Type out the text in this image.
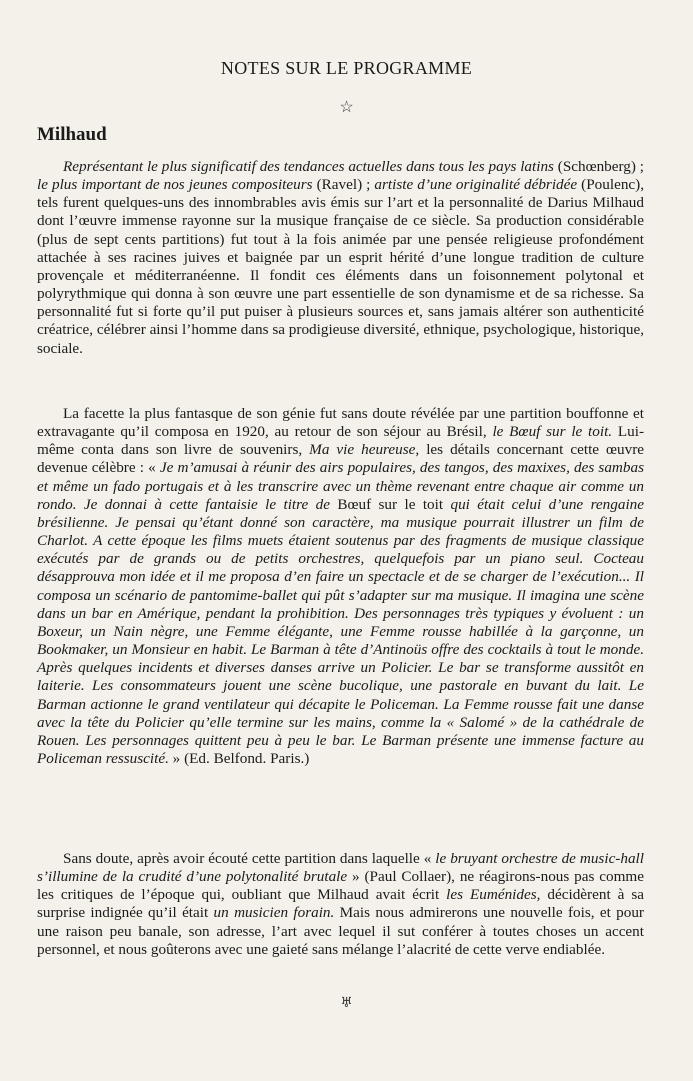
NOTES SUR LE PROGRAMME
☆
Milhaud
Représentant le plus significatif des tendances actuelles dans tous les pays latins (Schœnberg) ; le plus important de nos jeunes compositeurs (Ravel) ; artiste d’une originalité débridée (Poulenc), tels furent quelques-uns des innombrables avis émis sur l’art et la personnalité de Darius Milhaud dont l’œuvre immense rayonne sur la musique française de ce siècle. Sa production considérable (plus de sept cents partitions) fut tout à la fois animée par une pensée religieuse profondément attachée à ses racines juives et baignée par un esprit hérité d’une longue tradition de culture provençale et méditerranéenne. Il fondit ces éléments dans un foisonnement polytonal et polyrythmique qui donna à son œuvre une part essentielle de son dynamisme et de sa richesse. Sa personnalité fut si forte qu’il put puiser à plusieurs sources et, sans jamais altérer son authenticité créatrice, célébrer ainsi l’homme dans sa prodigieuse diversité, ethnique, psychologique, historique, sociale.
La facette la plus fantasque de son génie fut sans doute révélée par une partition bouffonne et extravagante qu’il composa en 1920, au retour de son séjour au Brésil, le Bœuf sur le toit. Lui-même conta dans son livre de souvenirs, Ma vie heureuse, les détails concernant cette œuvre devenue célèbre : « Je m’amusai à réunir des airs populaires, des tangos, des maxixes, des sambas et même un fado portugais et à les transcrire avec un thème revenant entre chaque air comme un rondo. Je donnai à cette fantaisie le titre de Bœuf sur le toit qui était celui d’une rengaine brésilienne. Je pensai qu’étant donné son caractère, ma musique pourrait illustrer un film de Charlot. A cette époque les films muets étaient soutenus par des fragments de musique classique exécutés par de grands ou de petits orchestres, quelquefois par un piano seul. Cocteau désapprouva mon idée et il me proposa d’en faire un spectacle et de se charger de l’exécution... Il composa un scénario de pantomime-ballet qui pût s’adapter sur ma musique. Il imagina une scène dans un bar en Amérique, pendant la prohibition. Des personnages très typiques y évoluent : un Boxeur, un Nain nègre, une Femme élégante, une Femme rousse habillée à la garçonne, un Bookmaker, un Monsieur en habit. Le Barman à tête d’Antinoüs offre des cocktails à tout le monde. Après quelques incidents et diverses danses arrive un Policier. Le bar se transforme aussitôt en laiterie. Les consommateurs jouent une scène bucolique, une pastorale en buvant du lait. Le Barman actionne le grand ventilateur qui décapite le Policeman. La Femme rousse fait une danse avec la tête du Policier qu’elle termine sur les mains, comme la « Salomé » de la cathédrale de Rouen. Les personnages quittent peu à peu le bar. Le Barman présente une immense facture au Policeman ressuscité. » (Ed. Belfond. Paris.)
Sans doute, après avoir écouté cette partition dans laquelle « le bruyant orchestre de music-hall s’illumine de la crudité d’une polytonalité brutale » (Paul Collaer), ne réagirons-nous pas comme les critiques de l’époque qui, oubliant que Milhaud avait écrit les Euménides, décidèrent à sa surprise indignée qu’il était un musicien forain. Mais nous admirerons une nouvelle fois, et pour une raison peu banale, son adresse, l’art avec lequel il sut conférer à toutes choses un accent personnel, et nous goûterons avec une gaieté sans mélange l’alacrité de cette verve endiablée.
♅
